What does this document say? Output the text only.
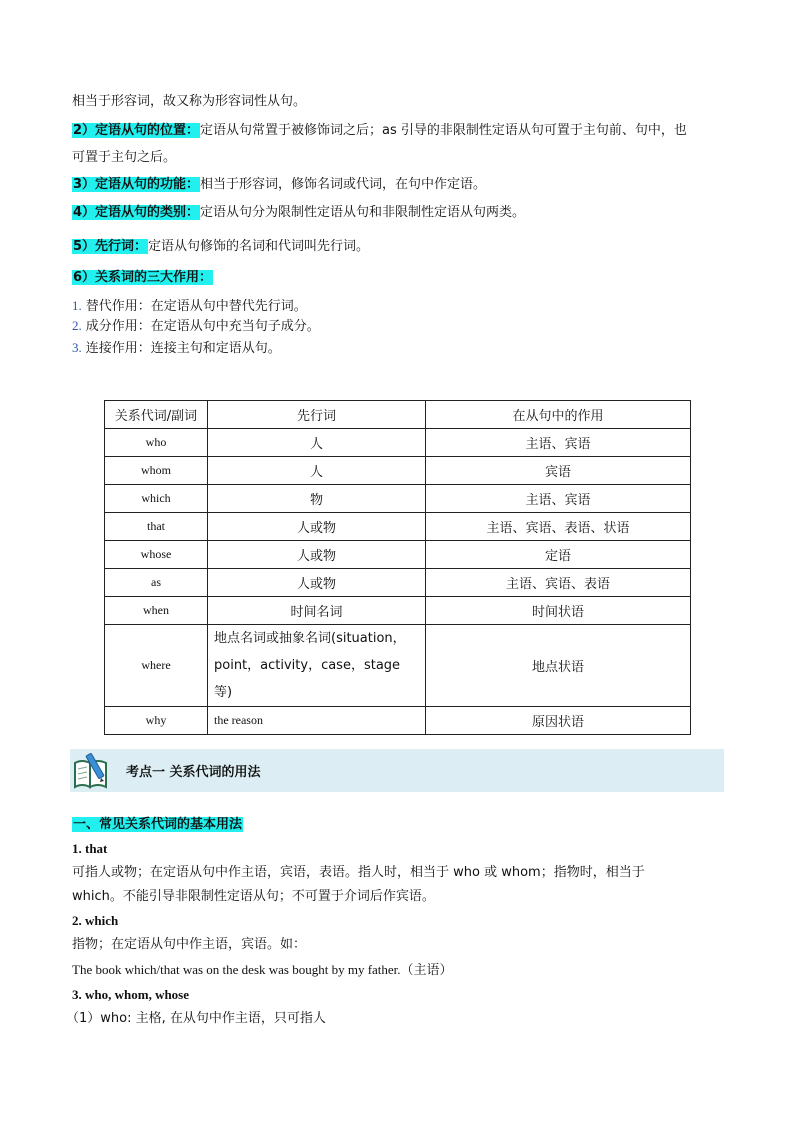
相当于形容词，故又称为形容词性从句。
2）定语从句的位置：定语从句常置于被修饰词之后；as 引导的非限制性定语从句可置于主句前、句中，也
可置于主句之后。
3）定语从句的功能：相当于形容词，修饰名词或代词，在句中作定语。
4）定语从句的类别：定语从句分为限制性定语从句和非限制性定语从句两类。
5）先行词：定语从句修饰的名词和代词叫先行词。
6）关系词的三大作用：
1. 替代作用：在定语从句中替代先行词。
2. 成分作用：在定语从句中充当句子成分。
3. 连接作用：连接主句和定语从句。
关系代词/副词	先行词	在从句中的作用
who	人	主语、宾语
whom	人	宾语
which	物	主语、宾语
that	人或物	主语、宾语、表语、状语
whose	人或物	定语
as	人或物	主语、宾语、表语
when	时间名词	时间状语
where	地点名词或抽象名词(situation，
point，activity，case，stage 等)	地点状语
why	the reason	原因状语
考点一 关系代词的用法
一、常见关系代词的基本用法
1. that
可指人或物；在定语从句中作主语，宾语，表语。指人时，相当于 who 或 whom；指物时，相当于
which。不能引导非限制性定语从句；不可置于介词后作宾语。
2. which
指物；在定语从句中作主语，宾语。如：
The book which/that was on the desk was bought by my father.（主语）
3. who, whom, whose
（1）who: 主格, 在从句中作主语，只可指人
